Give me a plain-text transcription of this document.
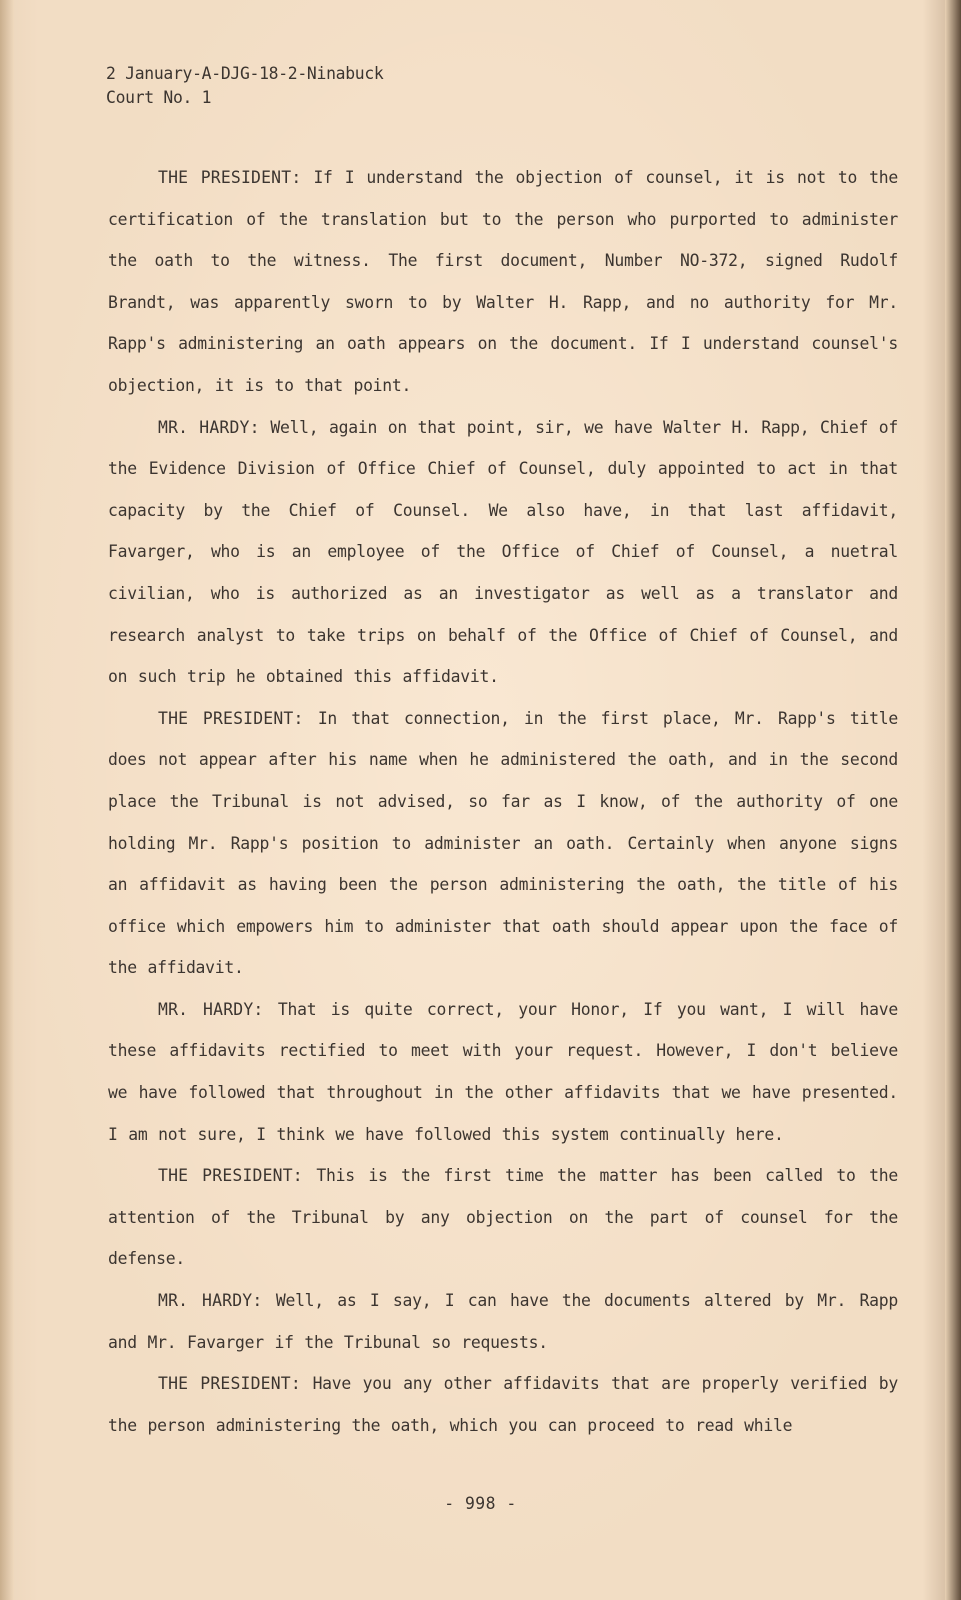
2 January-A-DJG-18-2-Ninabuck
Court No. 1

THE PRESIDENT: If I understand the objection of counsel, it is not to the certification of the translation but to the person who purported to administer the oath to the witness. The first document, Number NO-372, signed Rudolf Brandt, was apparently sworn to by Walter H. Rapp, and no authority for Mr. Rapp's administering an oath appears on the document. If I understand counsel's objection, it is to that point.

MR. HARDY: Well, again on that point, sir, we have Walter H. Rapp, Chief of the Evidence Division of Office Chief of Counsel, duly appointed to act in that capacity by the Chief of Counsel. We also have, in that last affidavit, Favarger, who is an employee of the Office of Chief of Counsel, a nuetral civilian, who is authorized as an investigator as well as a translator and research analyst to take trips on behalf of the Office of Chief of Counsel, and on such trip he obtained this affidavit.

THE PRESIDENT: In that connection, in the first place, Mr. Rapp's title does not appear after his name when he administered the oath, and in the second place the Tribunal is not advised, so far as I know, of the authority of one holding Mr. Rapp's position to administer an oath. Certainly when anyone signs an affidavit as having been the person administering the oath, the title of his office which empowers him to administer that oath should appear upon the face of the affidavit.

MR. HARDY: That is quite correct, your Honor, If you want, I will have these affidavits rectified to meet with your request. However, I don't believe we have followed that throughout in the other affidavits that we have presented. I am not sure, I think we have followed this system continually here.

THE PRESIDENT: This is the first time the matter has been called to the attention of the Tribunal by any objection on the part of counsel for the defense.

MR. HARDY: Well, as I say, I can have the documents altered by Mr. Rapp and Mr. Favarger if the Tribunal so requests.

THE PRESIDENT: Have you any other affidavits that are properly verified by the person administering the oath, which you can proceed to read while

- 998 -
